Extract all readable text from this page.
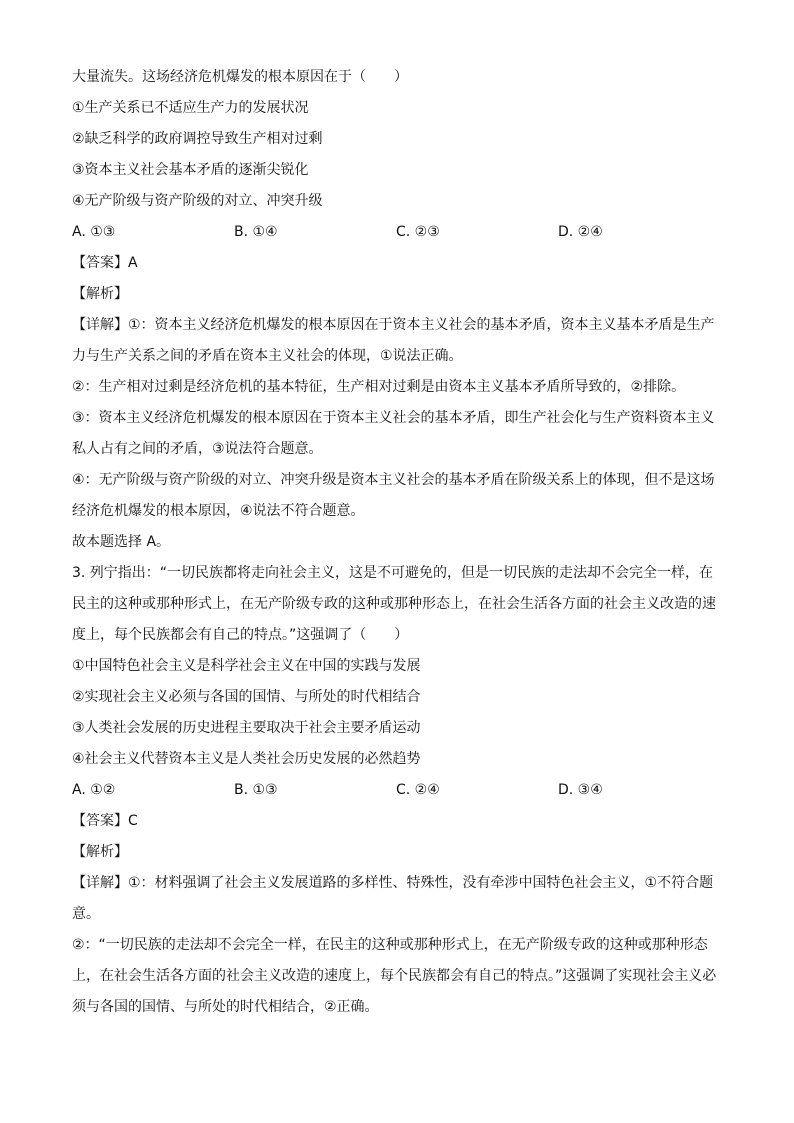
大量流失。这场经济危机爆发的根本原因在于（　　）
①生产关系已不适应生产力的发展状况
②缺乏科学的政府调控导致生产相对过剩
③资本主义社会基本矛盾的逐渐尖锐化
④无产阶级与资产阶级的对立、冲突升级
A. ①③	B. ①④	C. ②③	D. ②④
【答案】A
【解析】
【详解】①：资本主义经济危机爆发的根本原因在于资本主义社会的基本矛盾，资本主义基本矛盾是生产
力与生产关系之间的矛盾在资本主义社会的体现，①说法正确。
②：生产相对过剩是经济危机的基本特征，生产相对过剩是由资本主义基本矛盾所导致的，②排除。
③：资本主义经济危机爆发的根本原因在于资本主义社会的基本矛盾，即生产社会化与生产资料资本主义
私人占有之间的矛盾，③说法符合题意。
④：无产阶级与资产阶级的对立、冲突升级是资本主义社会的基本矛盾在阶级关系上的体现，但不是这场
经济危机爆发的根本原因，④说法不符合题意。
故本题选择 A。
3. 列宁指出：“一切民族都将走向社会主义，这是不可避免的，但是一切民族的走法却不会完全一样，在
民主的这种或那种形式上，在无产阶级专政的这种或那种形态上，在社会生活各方面的社会主义改造的速
度上，每个民族都会有自己的特点。”这强调了（　　）
①中国特色社会主义是科学社会主义在中国的实践与发展
②实现社会主义必须与各国的国情、与所处的时代相结合
③人类社会发展的历史进程主要取决于社会主要矛盾运动
④社会主义代替资本主义是人类社会历史发展的必然趋势
A. ①②	B. ①③	C. ②④	D. ③④
【答案】C
【解析】
【详解】①：材料强调了社会主义发展道路的多样性、特殊性，没有牵涉中国特色社会主义，①不符合题
意。
②：“一切民族的走法却不会完全一样，在民主的这种或那种形式上，在无产阶级专政的这种或那种形态
上，在社会生活各方面的社会主义改造的速度上，每个民族都会有自己的特点。”这强调了实现社会主义必
须与各国的国情、与所处的时代相结合，②正确。
